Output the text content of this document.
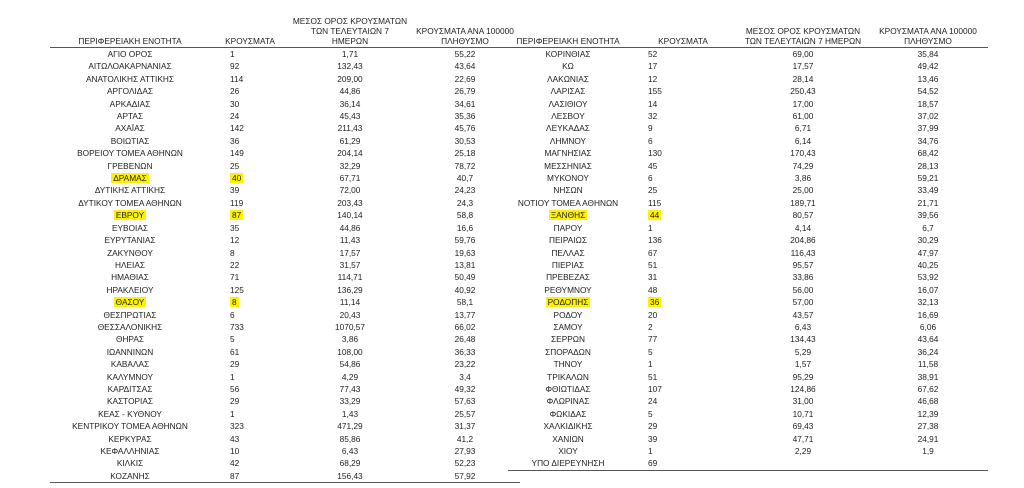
ΠΕΡΙΦΕΡΕΙΑΚΗ ΕΝΟΤΗΤΑ	ΚΡΟΥΣΜΑΤΑ	ΜΕΣΟΣ ΟΡΟΣ ΚΡΟΥΣΜΑΤΩΝ ΤΩΝ ΤΕΛΕΥΤΑΙΩΝ 7 ΗΜΕΡΩΝ	ΚΡΟΥΣΜΑΤΑ ΑΝΑ 100000 ΠΛΗΘΥΣΜΟ
ΑΓΙΟ ΟΡΟΣ	1	1,71	55,22
ΑΙΤΩΛΟΑΚΑΡΝΑΝΙΑΣ	92	132,43	43,64
ΑΝΑΤΟΛΙΚΗΣ ΑΤΤΙΚΗΣ	114	209,00	22,69
ΑΡΓΟΛΙΔΑΣ	26	44,86	26,79
ΑΡΚΑΔΙΑΣ	30	36,14	34,61
ΑΡΤΑΣ	24	45,43	35,36
ΑΧΑΪΑΣ	142	211,43	45,76
ΒΟΙΩΤΙΑΣ	36	61,29	30,53
ΒΟΡΕΙΟΥ ΤΟΜΕΑ ΑΘΗΝΩΝ	149	204,14	25,18
ΓΡΕΒΕΝΩΝ	25	32,29	78,72
ΔΡΑΜΑΣ	40	67,71	40,7
ΔΥΤΙΚΗΣ ΑΤΤΙΚΗΣ	39	72,00	24,23
ΔΥΤΙΚΟΥ ΤΟΜΕΑ ΑΘΗΝΩΝ	119	203,43	24,3
ΕΒΡΟΥ	87	140,14	58,8
ΕΥΒΟΙΑΣ	35	44,86	16,6
ΕΥΡΥΤΑΝΙΑΣ	12	11,43	59,76
ΖΑΚΥΝΘΟΥ	8	17,57	19,63
ΗΛΕΙΑΣ	22	31,57	13,81
ΗΜΑΘΙΑΣ	71	114,71	50,49
ΗΡΑΚΛΕΙΟΥ	125	136,29	40,92
ΘΑΣΟΥ	8	11,14	58,1
ΘΕΣΠΡΩΤΙΑΣ	6	20,43	13,77
ΘΕΣΣΑΛΟΝΙΚΗΣ	733	1070,57	66,02
ΘΗΡΑΣ	5	3,86	26,48
ΙΩΑΝΝΙΝΩΝ	61	108,00	36,33
ΚΑΒΑΛΑΣ	29	54,86	23,22
ΚΑΛΥΜΝΟΥ	1	4,29	3,4
ΚΑΡΔΙΤΣΑΣ	56	77,43	49,32
ΚΑΣΤΟΡΙΑΣ	29	33,29	57,63
ΚΕΑΣ - ΚΥΘΝΟΥ	1	1,43	25,57
ΚΕΝΤΡΙΚΟΥ ΤΟΜΕΑ ΑΘΗΝΩΝ	323	471,29	31,37
ΚΕΡΚΥΡΑΣ	43	85,86	41,2
ΚΕΦΑΛΛΗΝΙΑΣ	10	6,43	27,93
ΚΙΛΚΙΣ	42	68,29	52,23
ΚΟΖΑΝΗΣ	87	156,43	57,92
ΠΕΡΙΦΕΡΕΙΑΚΗ ΕΝΟΤΗΤΑ	ΚΡΟΥΣΜΑΤΑ	ΜΕΣΟΣ ΟΡΟΣ ΚΡΟΥΣΜΑΤΩΝ ΤΩΝ ΤΕΛΕΥΤΑΙΩΝ 7 ΗΜΕΡΩΝ	ΚΡΟΥΣΜΑΤΑ ΑΝΑ 100000 ΠΛΗΘΥΣΜΟ
ΚΟΡΙΝΘΙΑΣ	52	69,00	35,84
ΚΩ	17	17,57	49,42
ΛΑΚΩΝΙΑΣ	12	28,14	13,46
ΛΑΡΙΣΑΣ	155	250,43	54,52
ΛΑΣΙΘΙΟΥ	14	17,00	18,57
ΛΕΣΒΟΥ	32	61,00	37,02
ΛΕΥΚΑΔΑΣ	9	6,71	37,99
ΛΗΜΝΟΥ	6	6,14	34,76
ΜΑΓΝΗΣΙΑΣ	130	170,43	68,42
ΜΕΣΣΗΝΙΑΣ	45	74,29	28,13
ΜΥΚΟΝΟΥ	6	3,86	59,21
ΝΗΣΩΝ	25	25,00	33,49
ΝΟΤΙΟΥ ΤΟΜΕΑ ΑΘΗΝΩΝ	115	189,71	21,71
ΞΑΝΘΗΣ	44	80,57	39,56
ΠΑΡΟΥ	1	4,14	6,7
ΠΕΙΡΑΙΩΣ	136	204,86	30,29
ΠΕΛΛΑΣ	67	116,43	47,97
ΠΙΕΡΙΑΣ	51	95,57	40,25
ΠΡΕΒΕΖΑΣ	31	33,86	53,92
ΡΕΘΥΜΝΟΥ	48	56,00	16,07
ΡΟΔΟΠΗΣ	36	57,00	32,13
ΡΟΔΟΥ	20	43,57	16,69
ΣΑΜΟΥ	2	6,43	6,06
ΣΕΡΡΩΝ	77	134,43	43,64
ΣΠΟΡΑΔΩΝ	5	5,29	36,24
ΤΗΝΟΥ	1	1,57	11,58
ΤΡΙΚΑΛΩΝ	51	95,29	38,91
ΦΘΙΩΤΙΔΑΣ	107	124,86	67,62
ΦΛΩΡΙΝΑΣ	24	31,00	46,68
ΦΩΚΙΔΑΣ	5	10,71	12,39
ΧΑΛΚΙΔΙΚΗΣ	29	69,43	27,38
ΧΑΝΙΩΝ	39	47,71	24,91
ΧΙΟΥ	1	2,29	1,9
ΥΠΟ ΔΙΕΡΕΥΝΗΣΗ	69		
